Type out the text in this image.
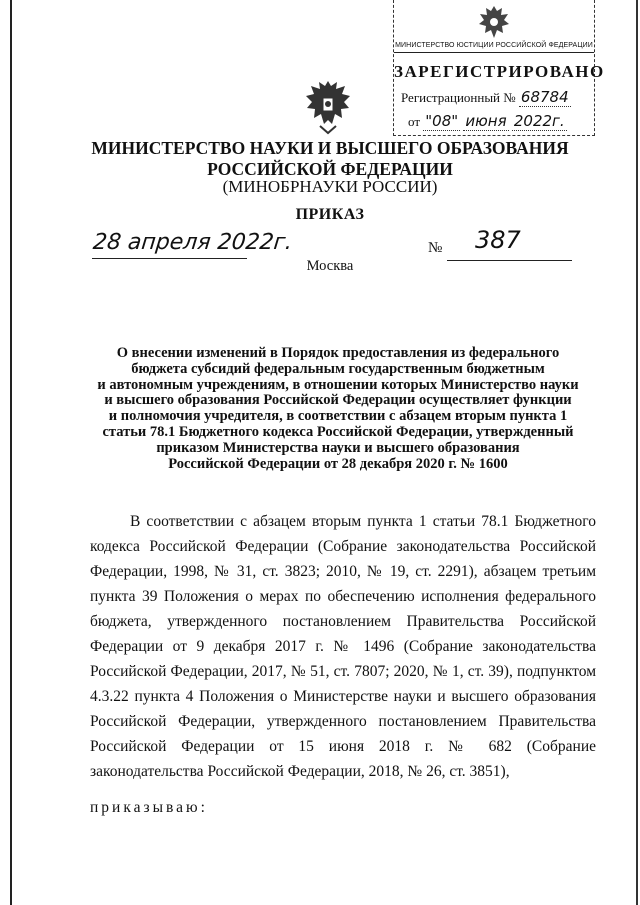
МИНИСТЕРСТВО ЮСТИЦИИ РОССИЙСКОЙ ФЕДЕРАЦИИ
ЗАРЕГИСТРИРОВАНО
Регистрационный № 68784
от "08" июня 2022г.
МИНИСТЕРСТВО НАУКИ И ВЫСШЕГО ОБРАЗОВАНИЯ
РОССИЙСКОЙ ФЕДЕРАЦИИ
(МИНОБРНАУКИ РОССИИ)
ПРИКАЗ
28 апреля 2022г.	№ 387
Москва
О внесении изменений в Порядок предоставления из федерального
бюджета субсидий федеральным государственным бюджетным
и автономным учреждениям, в отношении которых Министерство науки
и высшего образования Российской Федерации осуществляет функции
и полномочия учредителя, в соответствии с абзацем вторым пункта 1
статьи 78.1 Бюджетного кодекса Российской Федерации, утвержденный
приказом Министерства науки и высшего образования
Российской Федерации от 28 декабря 2020 г. № 1600

В соответствии с абзацем вторым пункта 1 статьи 78.1 Бюджетного кодекса Российской Федерации (Собрание законодательства Российской Федерации, 1998, № 31, ст. 3823; 2010, № 19, ст. 2291), абзацем третьим пункта 39 Положения о мерах по обеспечению исполнения федерального бюджета, утвержденного постановлением Правительства Российской Федерации от 9 декабря 2017 г. № 1496 (Собрание законодательства Российской Федерации, 2017, № 51, ст. 7807; 2020, № 1, ст. 39), подпунктом 4.3.22 пункта 4 Положения о Министерстве науки и высшего образования Российской Федерации, утвержденного постановлением Правительства Российской Федерации от 15 июня 2018 г. № 682 (Собрание законодательства Российской Федерации, 2018, № 26, ст. 3851),

приказываю:
